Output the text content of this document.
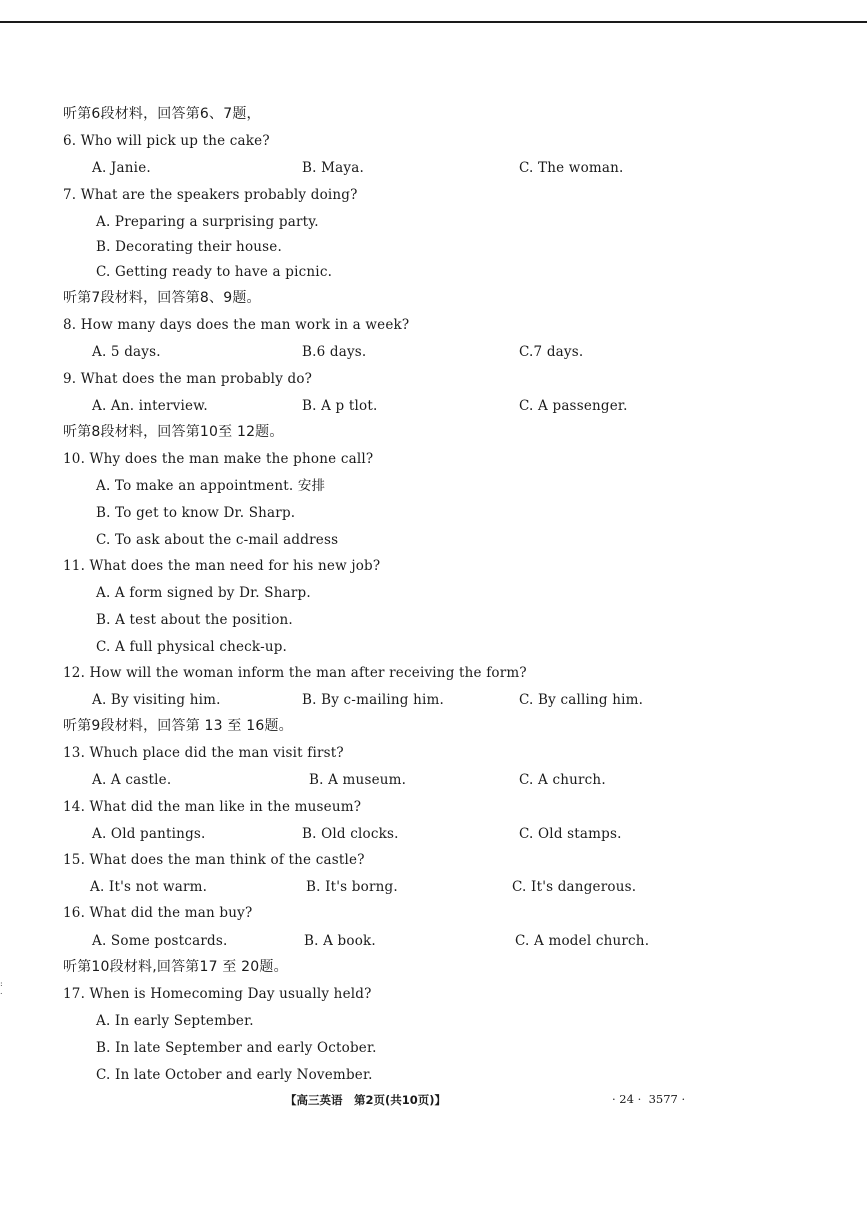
:
.
听第6段材料，回答第6、7题，
6. Who will pick up the cake?
A. Janie.	B. Maya.	C. The woman.
7. What are the speakers probably doing?
A. Preparing a surprising party.
B. Decorating their house.
C. Getting ready to have a picnic.
听第7段材料，回答第8、9题。
8. How many days does the man work in a week?
A. 5 days.	B.6 days.	C.7 days.
9. What does the man probably do?
A. An. interview.	B. A p tlot.	C. A passenger.
听第8段材料，回答第10至 12题。
10. Why does the man make the phone call?
A. To make an appointment. 安排
B. To get to know Dr. Sharp.
C. To ask about the c-mail address
11. What does the man need for his new job?
A. A form signed by Dr. Sharp.
B. A test about the position.
C. A full physical check-up.
12. How will the woman inform the man after receiving the form?
A. By visiting him.	B. By c-mailing him.	C. By calling him.
听第9段材料，回答第 13 至 16题。
13. Whuch place did the man visit first?
A. A castle.	B. A museum.	C. A church.
14. What did the man like in the museum?
A. Old pantings.	B. Old clocks.	C. Old stamps.
15. What does the man think of the castle?
A. It's not warm.	B. It's borng.	C. It's dangerous.
16. What did the man buy?
A. Some postcards.	B. A book.	C. A model church.
听第10段材料,回答第17 至 20题。
17. When is Homecoming Day usually held?
A. In early September.
B. In late September and early October.
C. In late October and early November.
【高三英语　第2页(共10页)】	· 24 ·  3577 ·
